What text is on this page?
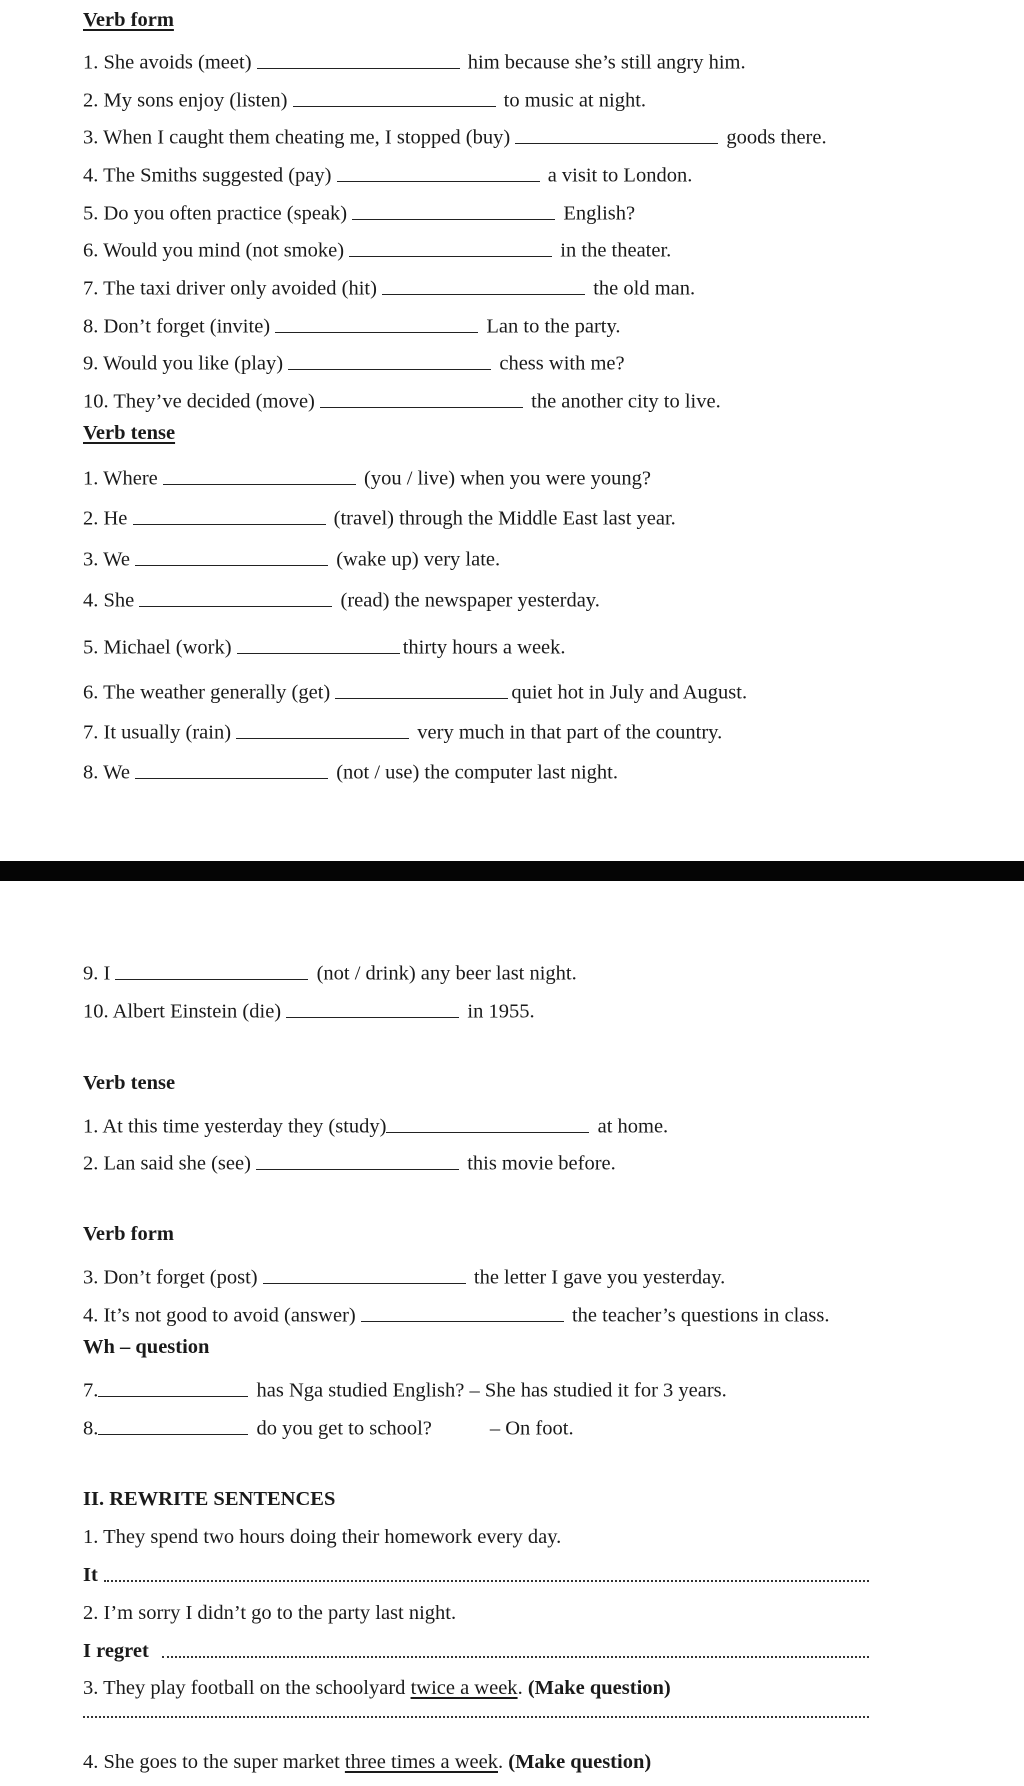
Verb form
1. She avoids (meet)	him because she’s still angry him.
2. My sons enjoy (listen)	to music at night.
3. When I caught them cheating me, I stopped (buy)	goods there.
4. The Smiths suggested (pay)	a visit to London.
5. Do you often practice (speak)	English?
6. Would you mind (not smoke)	in the theater.
7. The taxi driver only avoided (hit)	the old man.
8. Don’t forget (invite)	Lan to the party.
9. Would you like (play)	chess with me?
10. They’ve decided (move)	the another city to live.
Verb tense
1. Where	(you / live) when you were young?
2. He	(travel) through the Middle East last year.
3. We	(wake up) very late.
4. She	(read) the newspaper yesterday.
5. Michael (work)	thirty hours a week.
6. The weather generally (get)	quiet hot in July and August.
7. It usually (rain)	very much in that part of the country.
8. We	(not / use) the computer last night.
9. I	(not / drink) any beer last night.
10. Albert Einstein (die)	in 1955.
Verb tense
1. At this time yesterday they (study)	at home.
2. Lan said she (see)	this movie before.
Verb form
3. Don’t forget (post)	the letter I gave you yesterday.
4. It’s not good to avoid (answer)	the teacher’s questions in class.
Wh – question
7.	has Nga studied English? – She has studied it for 3 years.
8.	do you get to school?	– On foot.
II. REWRITE SENTENCES
1. They spend two hours doing their homework every day.
It
2. I’m sorry I didn’t go to the party last night.
I regret
3. They play football on the schoolyard twice a week. (Make question)
4. She goes to the super market three times a week. (Make question)
